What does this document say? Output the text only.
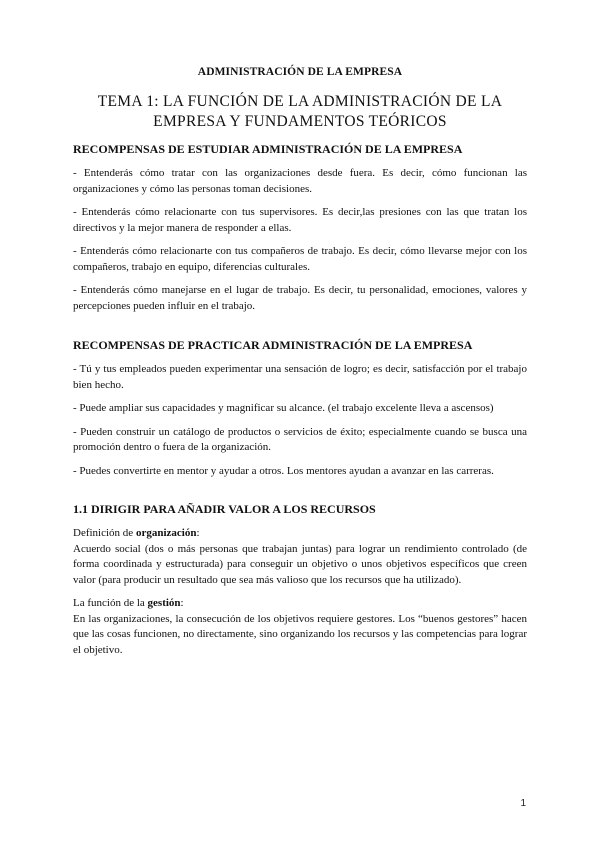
ADMINISTRACIÓN DE LA EMPRESA
TEMA 1: LA FUNCIÓN DE LA ADMINISTRACIÓN DE LA
EMPRESA Y FUNDAMENTOS TEÓRICOS
RECOMPENSAS DE ESTUDIAR ADMINISTRACIÓN DE LA EMPRESA

- Entenderás cómo tratar con las organizaciones desde fuera. Es decir, cómo funcionan las organizaciones y cómo las personas toman decisiones.

- Entenderás cómo relacionarte con tus supervisores. Es decir,las presiones con las que tratan los directivos y la mejor manera de responder a ellas.

- Entenderás cómo relacionarte con tus compañeros de trabajo. Es decir, cómo llevarse mejor con los compañeros, trabajo en equipo, diferencias culturales.

- Entenderás cómo manejarse en el lugar de trabajo. Es decir, tu personalidad, emociones, valores y percepciones pueden influir en el trabajo.

RECOMPENSAS DE PRACTICAR ADMINISTRACIÓN DE LA EMPRESA

- Tú y tus empleados pueden experimentar una sensación de logro; es decir, satisfacción por el trabajo bien hecho.

- Puede ampliar sus capacidades y magnificar su alcance. (el trabajo excelente lleva a ascensos)

- Pueden construir un catálogo de productos o servicios de éxito; especialmente cuando se busca una promoción dentro o fuera de la organización.

- Puedes convertirte en mentor y ayudar a otros. Los mentores ayudan a avanzar en las carreras.

1.1 DIRIGIR PARA AÑADIR VALOR A LOS RECURSOS
Definición de organización:

Acuerdo social (dos o más personas que trabajan juntas) para lograr un rendimiento controlado (de forma coordinada y estructurada) para conseguir un objetivo o unos objetivos específicos que creen valor (para producir un resultado que sea más valioso que los recursos que ha utilizado).

La función de la gestión:

En las organizaciones, la consecución de los objetivos requiere gestores. Los “buenos gestores” hacen que las cosas funcionen, no directamente, sino organizando los recursos y las competencias para lograr el objetivo.

1
